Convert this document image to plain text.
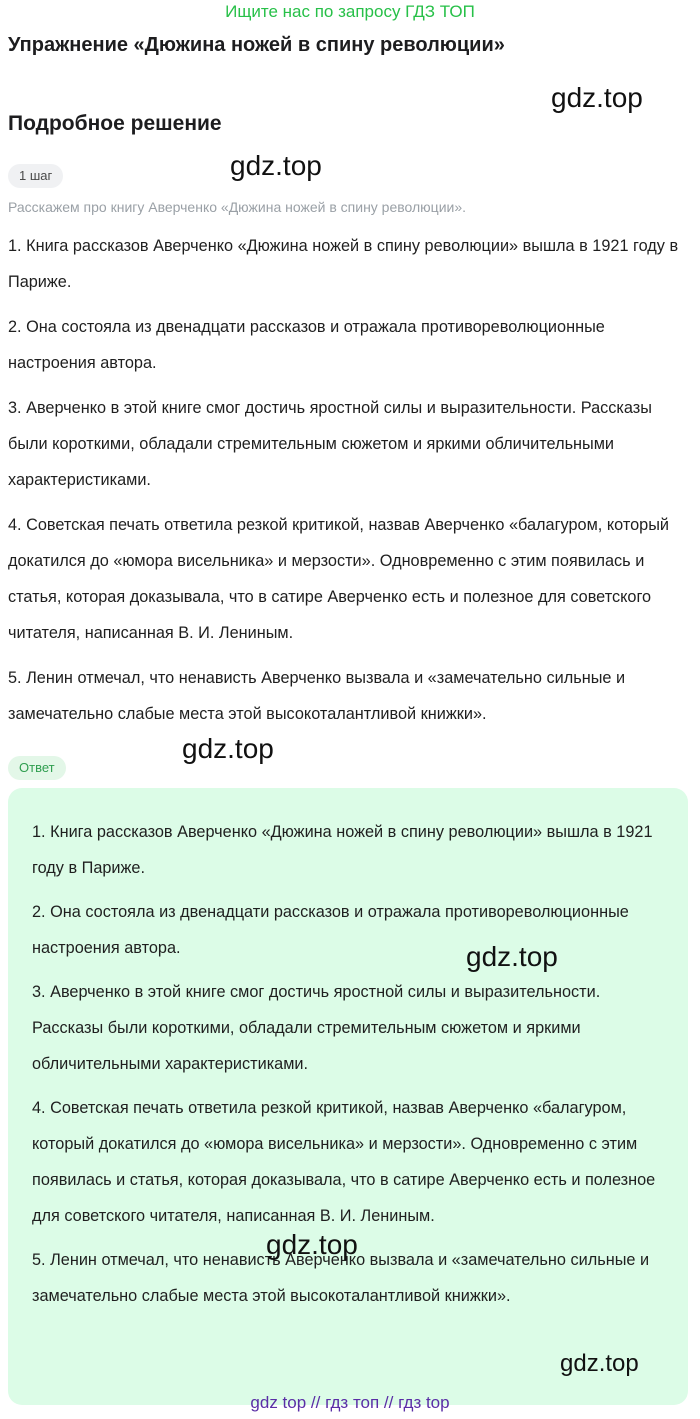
Ищите нас по запросу ГДЗ ТОП
Упражнение «Дюжина ножей в спину революции»
gdz.top
Подробное решение
gdz.top
1 шаг

Расскажем про книгу Аверченко «Дюжина ножей в спину революции».

1. Книга рассказов Аверченко «Дюжина ножей в спину революции» вышла в 1921 году в Париже.

2. Она состояла из двенадцати рассказов и отражала противореволюционные настроения автора.

3. Аверченко в этой книге смог достичь яростной силы и выразительности. Рассказы были короткими, обладали стремительным сюжетом и яркими обличительными характеристиками.

4. Советская печать ответила резкой критикой, назвав Аверченко «балагуром, который докатился до «юмора висельника» и мерзости». Одновременно с этим появилась и статья, которая доказывала, что в сатире Аверченко есть и полезное для советского читателя, написанная В. И. Лениным.

5. Ленин отмечал, что ненависть Аверченко вызвала и «замечательно сильные и замечательно слабые места этой высокоталантливой книжки».

gdz.top
Ответ

1. Книга рассказов Аверченко «Дюжина ножей в спину революции» вышла в 1921 году в Париже.

2. Она состояла из двенадцати рассказов и отражала противореволюционные настроения автора.

3. Аверченко в этой книге смог достичь яростной силы и выразительности. Рассказы были короткими, обладали стремительным сюжетом и яркими обличительными характеристиками.

4. Советская печать ответила резкой критикой, назвав Аверченко «балагуром, который докатился до «юмора висельника» и мерзости». Одновременно с этим появилась и статья, которая доказывала, что в сатире Аверченко есть и полезное для советского читателя, написанная В. И. Лениным.

5. Ленин отмечал, что ненависть Аверченко вызвала и «замечательно сильные и замечательно слабые места этой высокоталантливой книжки».

gdz.top
gdz.top
gdz.top
gdz top // гдз топ // гдз top
